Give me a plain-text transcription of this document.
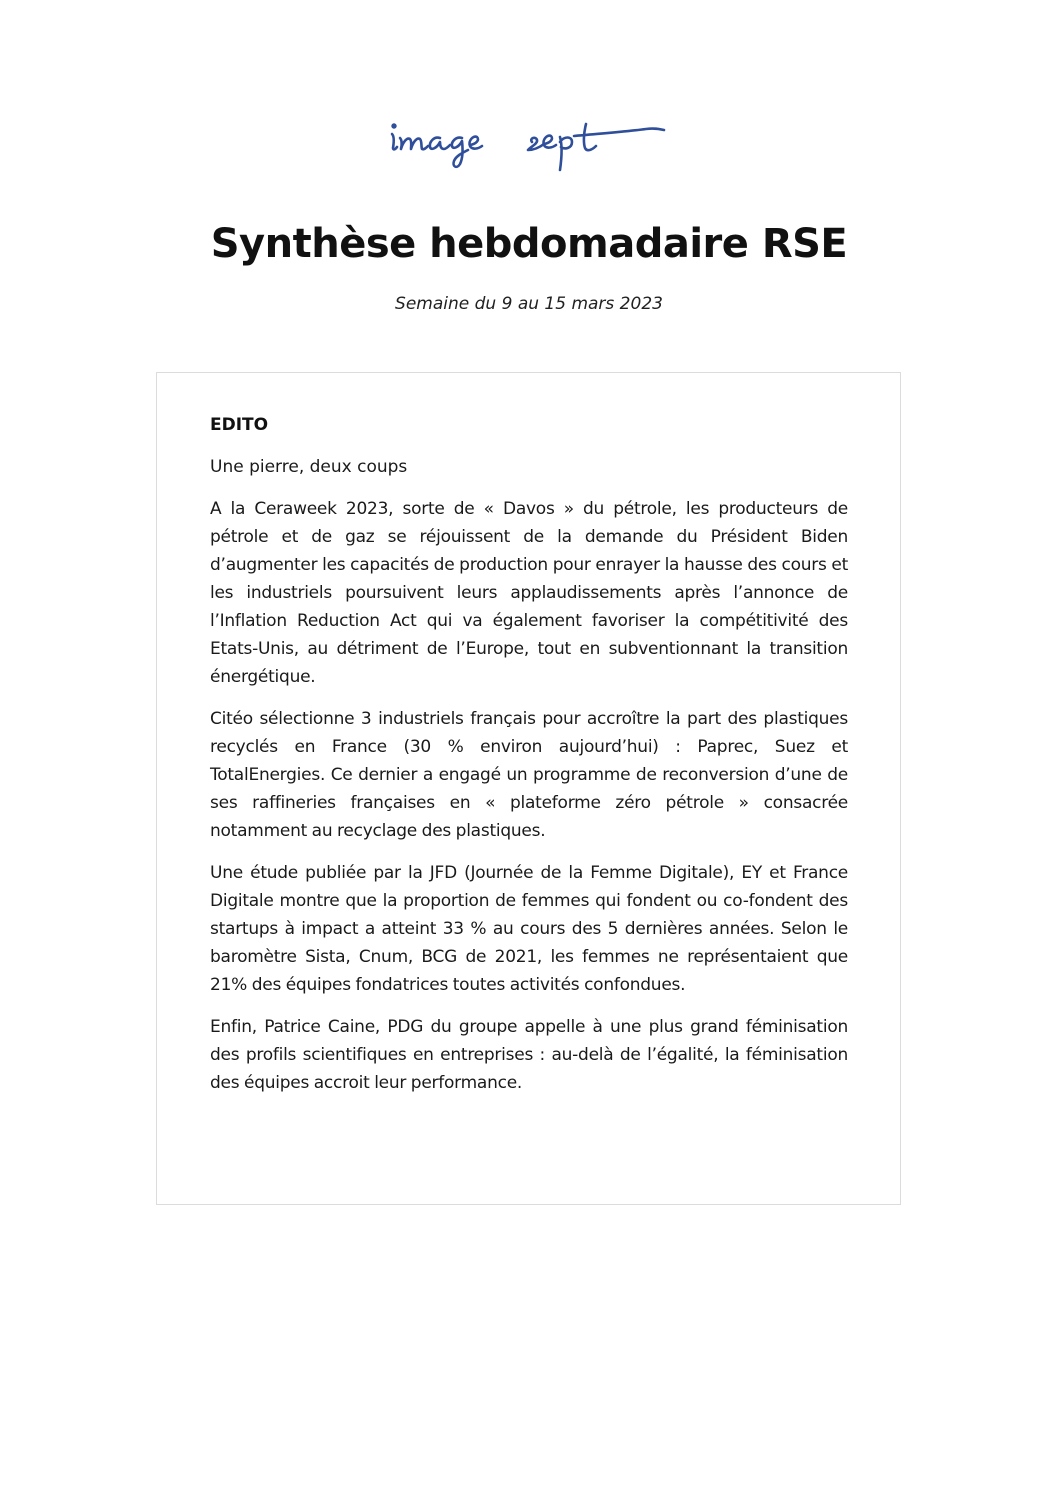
Synthèse hebdomadaire RSE
Semaine du 9 au 15 mars 2023

EDITO

Une pierre, deux coups

A la Ceraweek 2023, sorte de « Davos » du pétrole, les producteurs de pétrole et de gaz se réjouissent de la demande du Président Biden d’augmenter les capacités de production pour enrayer la hausse des cours et les industriels poursuivent leurs applaudissements après l’annonce de l’Inflation Reduction Act qui va également favoriser la compétitivité des Etats-Unis, au détriment de l’Europe, tout en subventionnant la transition énergétique.

Citéo sélectionne 3 industriels français pour accroître la part des plastiques recyclés en France (30 % environ aujourd’hui) : Paprec, Suez et TotalEnergies. Ce dernier a engagé un programme de reconversion d’une de ses raffineries françaises en « plateforme zéro pétrole » consacrée notamment au recyclage des plastiques.

Une étude publiée par la JFD (Journée de la Femme Digitale), EY et France Digitale montre que la proportion de femmes qui fondent ou co-fondent des startups à impact a atteint 33 % au cours des 5 dernières années. Selon le baromètre Sista, Cnum, BCG de 2021, les femmes ne représentaient que 21% des équipes fondatrices toutes activités confondues.

Enfin, Patrice Caine, PDG du groupe appelle à une plus grand féminisation des profils scientifiques en entreprises : au-delà de l’égalité, la féminisation des équipes accroit leur performance.
